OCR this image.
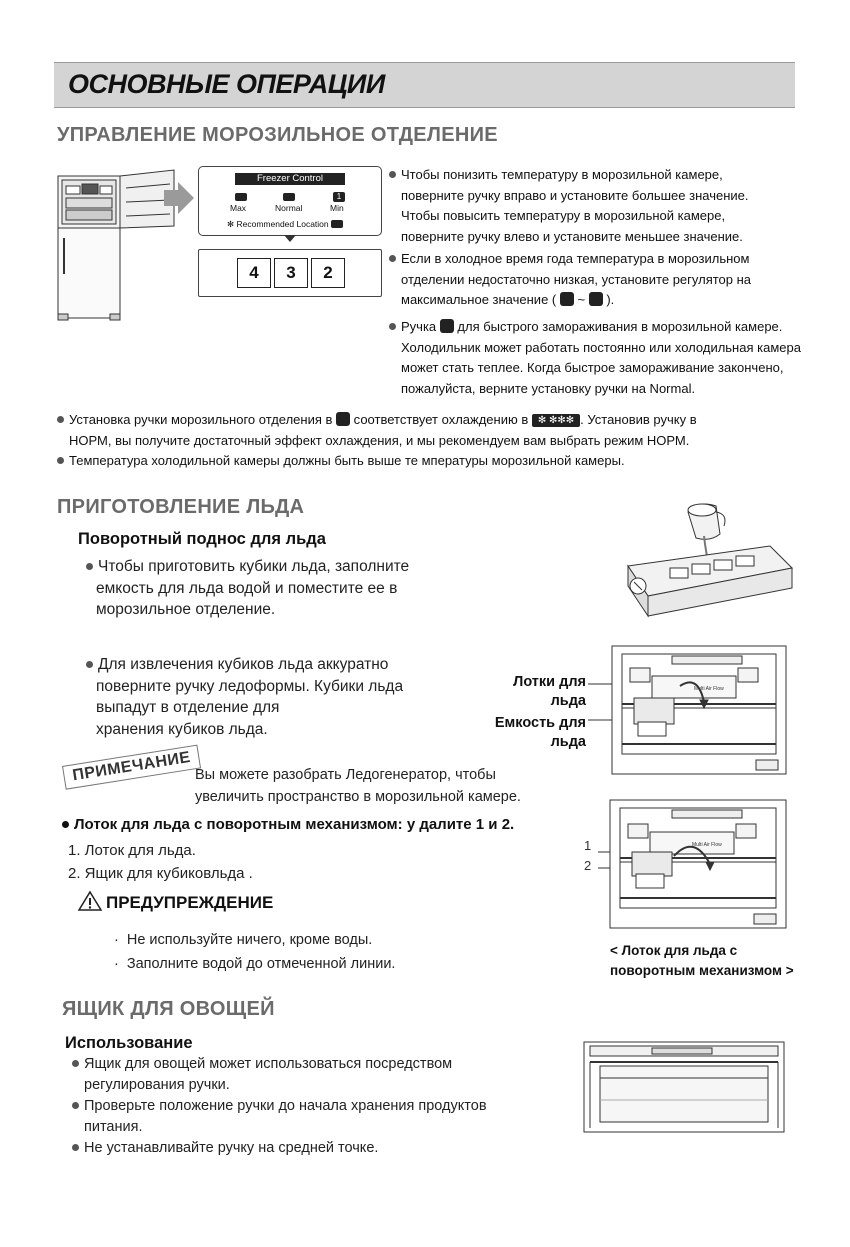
ОСНОВНЫЕ ОПЕРАЦИИ
УПРАВЛЕНИЕ МОРОЗИЛЬНОЕ ОТДЕЛЕНИЕ
Freezer Control
1
Max	Normal	Min
✻ Recommended Location
4	3	2
Чтобы понизить температуру в морозильной камере,
поверните ручку вправо и установите большее значение.
Чтобы повысить температуру в морозильной камере,
поверните ручку влево и установите меньшее значение.
Если в холодное время года температура в морозильном
отделении недостаточно низкая, установите регулятор на
максимальное значение ( ~ ).
Ручка для быстрого замораживания в морозильной камере.
Холодильник может работать постоянно или холодильная камера
может стать теплее. Когда быстрое замораживание закончено,
пожалуйста, верните установку ручки на Normal.
Установка ручки морозильного отделения в соответствует охлаждению в ✻ ✻✻✻ . Установив ручку в
НОРМ, вы получите достаточный эффект охлаждения, и мы рекомендуем вам выбрать режим НОРМ.
Температура холодильной камеры должны быть выше те мпературы морозильной камеры.
ПРИГОТОВЛЕНИЕ ЛЬДА
Поворотный поднос для льда
Чтобы приготовить кубики льда, заполните
емкость для льда водой и поместите ее в
морозильное отделение.
Для извлечения кубиков льда аккуратно
поверните ручку ледоформы. Кубики льда
выпадут в отделение для
хранения кубиков льда.
Лотки для
льда
Емкость для
льда
Multi Air Flow
ПРИМЕЧАНИЕ Вы можете разобрать Ледогенератор, чтобы
увеличить пространство в морозильной камере.
Лоток для льда с поворотным механизмом: у далите 1 и 2.
1. Лоток для льда.
2. Ящик для кубиковльда .
ПРЕДУПРЕЖДЕНИЕ
· Не используйте ничего, кроме воды.
· Заполните водой до отмеченной линии.
1
2
Multi Air Flow
< Лоток для льда с
поворотным механизмом >
ЯЩИК ДЛЯ ОВОЩЕЙ
Использование
Ящик для овощей может использоваться посредством
регулирования ручки.
Проверьте положение ручки до начала хранения продуктов
питания.
Не устанавливайте ручку на средней точке.
